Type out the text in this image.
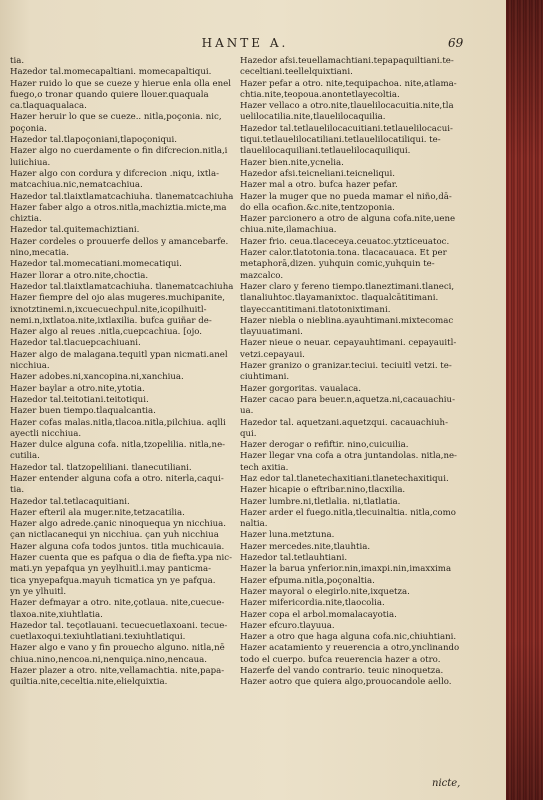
HANTE A.	69

tia.

Hazedor tal.momecapaltiani. momecapaltiqui.

Hazer ruido lo que se cueze y hierue enla olla enel
fuego,o tronar quando quiere llouer.quaquala
ca.tlaquaqualaca.

Hazer heruir lo que se cueze.. nitla,poçonia. nic,
poçonia.

Hazedor tal.tlapoçoniani,tlapoçoniqui.

Hazer algo no cuerdamente o fin difcrecion.nitla,i
luiichiua.

Hazer algo con cordura y difcrecion .niqu, ixtla-
matcachiua.nic,nematcachiua.

Hazedor tal.tlaixtlamatcachiuha. tlanematcachiuha

Hazer faber algo a otros.nitla,machiztia.micte,ma
chiztia.

Hazedor tal.quitemachiztiani.

Hazer cordeles o prouuerfe dellos y amancebarfe.
nino,mecatia.

Hazedor tal.momecatiani.momecatiqui.

Hazer llorar a otro.nite,choctia.

Hazedor tal.tlaixtlamatcachiuha. tlanematcachiuha

Hazer fiempre del ojo alas mugeres.muchipanite,
ixnotztinemi.n,ixcuecuechpul.nite,icopilhuitl-
nemi.n,ixtlatoa.nite,ixtlaxilia. bufca guiñar de-

Hazer algo al reues .nitla,cuepcachiua. [ojo.

Hazedor tal.tlacuepcachiuani.

Hazer algo de malagana.tequitl ypan nicmati.anel
nicchiua.

Hazer adobes.ni,xancopina.ni,xanchiua.

Hazer baylar a otro.nite,ytotia.

Hazedor tal.teitotiani.teitotiqui.

Hazer buen tiempo.tlaqualcantia.

Hazer cofas malas.nitla,tlacoa.nitla,pilchiua. aqlli
ayectli nicchiua.

Hazer dulce alguna cofa. nitla,tzopelilia. nitla,ne-
cutilia.

Hazedor tal. tlatzopeliliani. tlanecutiliani.

Hazer entender alguna cofa a otro. niterla,caqui-
tia.

Hazedor tal.tetlacaquitiani.

Hazer efteril ala muger.nite,tetzacatilia.

Hazer algo adrede.çanic ninoquequa yn nicchiua.
çan nictlacanequi yn nicchiua. çan yuh nicchiua

Hazer alguna cofa todos juntos. titla muchicauia.

Hazer cuenta que es pafqua o dia de fiefta.ypa nic-
mati.yn yepafqua yn yeylhuitl.i.may panticma-
tica ynyepafqua.mayuh ticmatica yn ye pafqua.
yn ye ylhuitl.

Hazer defmayar a otro. nite,çotlaua. nite,cuecue-
tlaxoa.nite,xiuhtlatia.

Hazedor tal. teçotlauani. tecuecuetlaxoani. tecue-
cuetlaxoqui.texiuhtlatiani.texiuhtlatiqui.

Hazer algo e vano y fin prouecho alguno. nitla,nē
chiua.nino,nencoa.ni,nenquiça.nino,nencaua.

Hazer plazer a otro. nite,vellamachtia. nite,papa-
quiltia.nite,ceceltia.nite,elielquixtia.

Hazedor afsi.teuellamachtiani.tepapaquiltiani.te-
ceceltiani.teellelquixtiani.

Hazer pefar a otro. nite,tequipachoa. nite,atlama-
chtia.nite,teopoua.anontetlayecoltia.

Hazer vellaco a otro.nite,tlauelilocacuitia.nite,tla
uelilocatilia.nite,tlauelilocaquilia.

Hazedor tal.tetlauelilocacuitiani.tetlauelilocacui-
tiqui.tetlauelilocatiliani.tetlauelilocatiliqui. te-
tlauelilocaquiliani.tetlauelilocaquiliqui.

Hazer bien.nite,ycnelia.

Hazedor afsi.teicneliani.teicneliqui.

Hazer mal a otro. bufca hazer pefar.

Hazer la muger que no pueda mamar el niño,dā-
do ella ocafion.&c.nite,tentzoponia.

Hazer parcionero a otro de alguna cofa.nite,uene
chiua.nite,ilamachiua.

Hazer frio. ceua.tlaceceya.ceuatoc.ytzticeuatoc.

Hazer calor.tlatotonia.tona. tlacacauaca. Et per
metaphorā,dizen. yuhquin comic,yuhquin te-
mazcalco.

Hazer claro y fereno tiempo.tlaneztimani.tlaneci,
tlanaliuhtoc.tlayamanixtoc. tlaqualcātitimani.
tlayeccantitimani.tlatotonixtimani.

Hazer niebla o nieblina.ayauhtimani.mixtecomac
tlayuuatimani.

Hazer nieue o neuar. cepayauhtimani. cepayauitl-
vetzi.cepayaui.

Hazer granizo o granizar.teciui. teciuitl vetzi. te-
ciuhtimani.

Hazer gorgoritas. vaualaca.

Hazer cacao para beuer.n,aquetza.ni,cacauachiu-
ua.

Hazedor tal. aquetzani.aquetzqui. cacauachiuh-
qui.

Hazer derogar o refiftir. nino,cuicuilia.

Hazer llegar vna cofa a otra juntandolas. nitla,ne-
tech axitia.

Haz edor tal.tlanetechaxitiani.tlanetechaxitiqui.

Hazer hicapie o eftribar.nino,tlacxilia.

Hazer lumbre.ni,tletlalia. ni,tlatlatia.

Hazer arder el fuego.nitla,tlecuinaltia. nitla,como
naltia.

Hazer luna.metztuna.

Hazer mercedes.nite,tlauhtia.

Hazedor tal.tetlauhtiani.

Hazer la barua ynferior.nin,imaxpi.nin,imaxxima

Hazer efpuma.nitla,poçonaltia.

Hazer mayoral o elegirlo.nite,ixquetza.

Hazer mifericordia.nite,tlaocolia.

Hazer copa el arbol.momalacayotia.

Hazer efcuro.tlayuua.

Hazer a otro que haga alguna cofa.nic,chiuhtiani.

Hazer acatamiento y reuerencia a otro,ynclinando
todo el cuerpo. bufca reuerencia hazer a otro.

Hazerfe del vando contrario. teuic ninoquetza.

Hazer aotro que quiera algo,prouocandole aello.

nicte,
